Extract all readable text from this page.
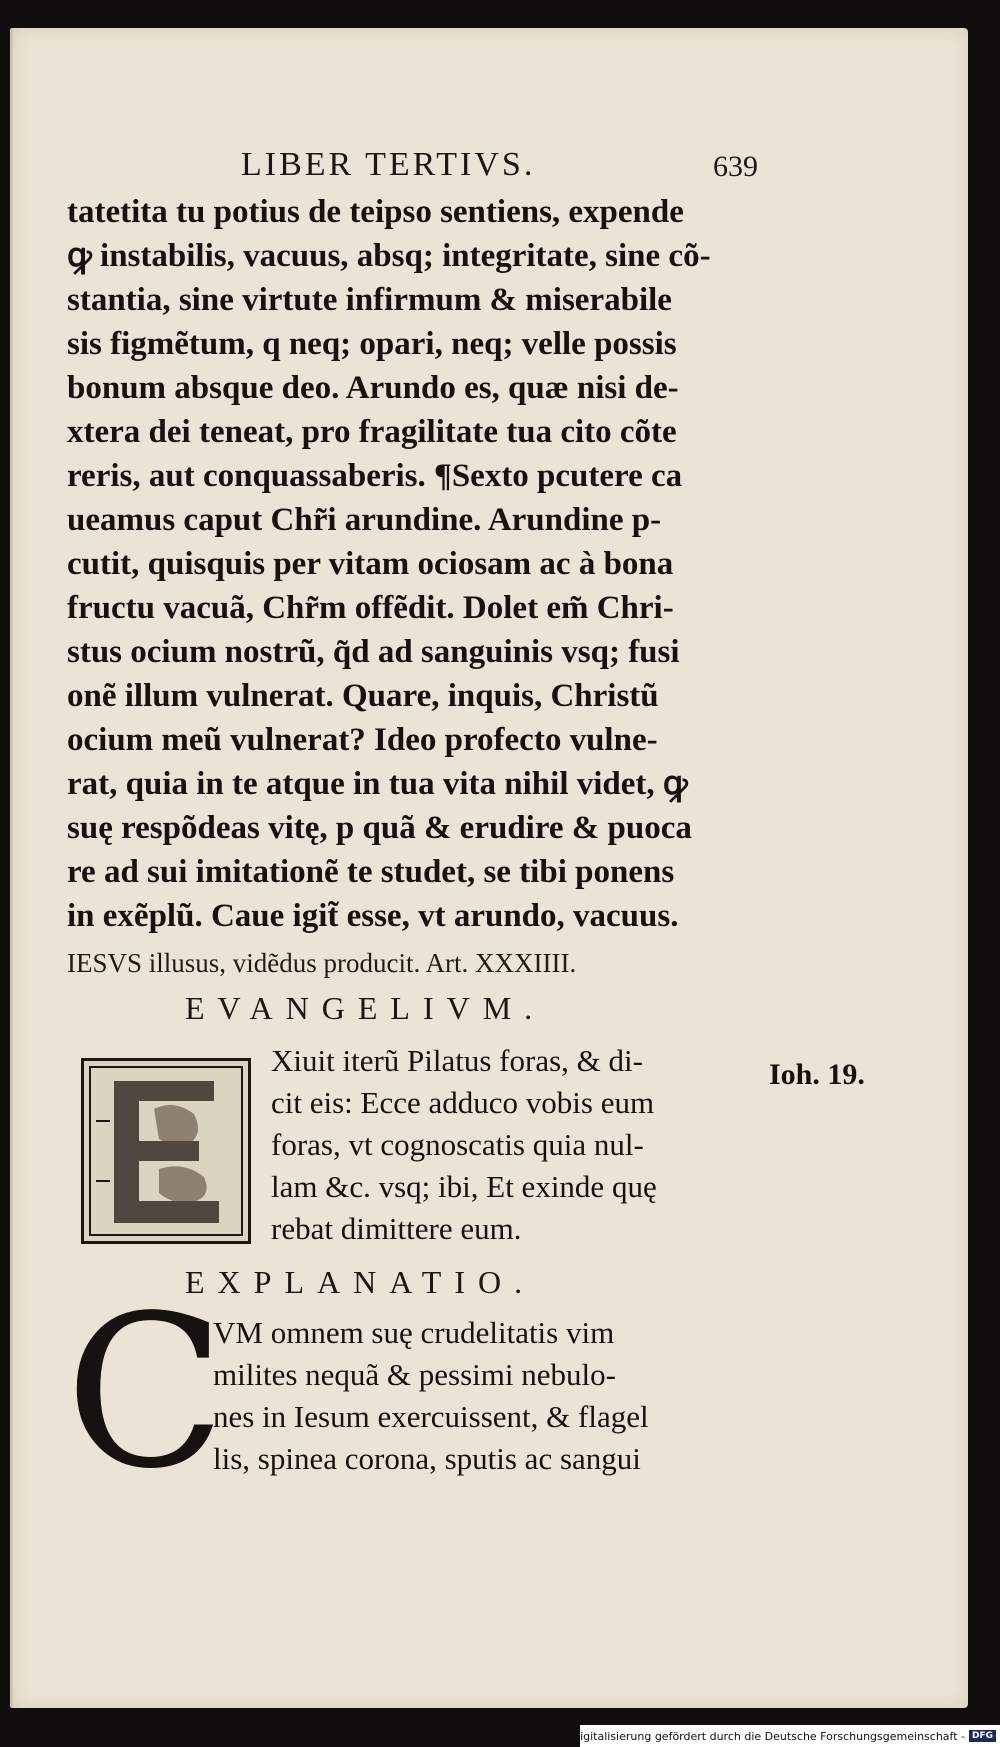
LIBER TERTIVS.	639
tatetita tu potius de teipso sentiens, expende
ꝙ instabilis, vacuus, absq; integritate, sine cõ-
stantia, sine virtute infirmum & miserabile
sis figmẽtum, q neq; opari, neq; velle possis
bonum absque deo. Arundo es, quæ nisi de-
xtera dei teneat, pro fragilitate tua cito cõte
reris, aut conquassaberis. ¶Sexto pcutere ca
ueamus caput Chr̃i arundine. Arundine p-
cutit, quisquis per vitam ociosam ac à bona
fructu vacuã, Chr̃m offẽdit. Dolet em̃ Chri-
stus ocium nostrũ, q̃d ad sanguinis vsq; fusi
onẽ illum vulnerat. Quare, inquis, Christũ
ocium meũ vulnerat? Ideo profecto vulne-
rat, quia in te atque in tua vita nihil videt, ꝙ
suę respõdeas vitę, p quã & erudire & puoca
re ad sui imitationẽ te studet, se tibi ponens
in exẽplũ. Caue igit̃ esse, vt arundo, vacuus.
IESVS illusus, vidẽdus producit. Art. XXXIIII.
EVANGELIVM.
Xiuit iterũ Pilatus foras, & di-
cit eis: Ecce adduco vobis eum
foras, vt cognoscatis quia nul-
lam &c. vsq; ibi, Et exinde quę
rebat dimittere eum.
Ioh. 19.
EXPLANATIO.
C
VM omnem suę crudelitatis vim
milites nequã & pessimi nebulo-
nes in Iesum exercuissent, & flagel
lis, spinea corona, sputis ac sangui
Digitalisierung gefördert durch die Deutsche Forschungsgemeinschaft - DFG
